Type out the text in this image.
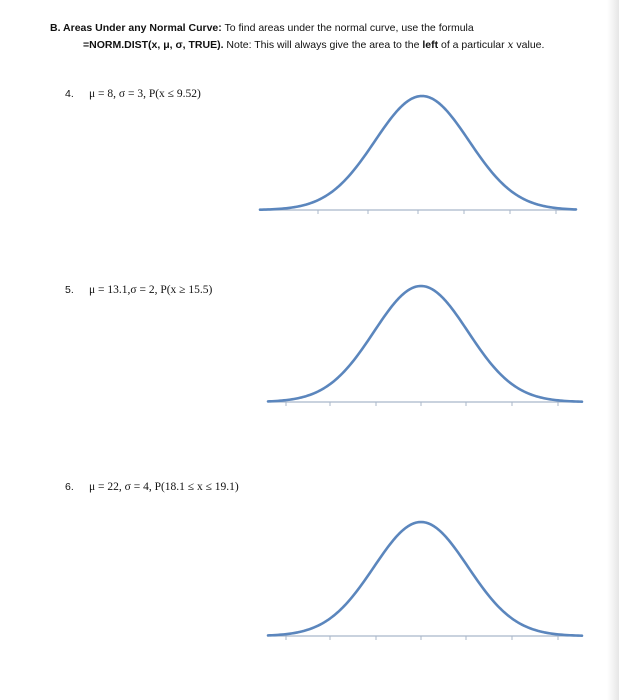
B. Areas Under any Normal Curve: To find areas under the normal curve, use the formula
=NORM.DIST(x, μ, σ, TRUE). Note: This will always give the area to the left of a particular x value.
4. μ = 8, σ = 3, P(x ≤ 9.52)
5. μ = 13.1,σ = 2, P(x ≥ 15.5)
6. μ = 22, σ = 4, P(18.1 ≤ x ≤ 19.1)
